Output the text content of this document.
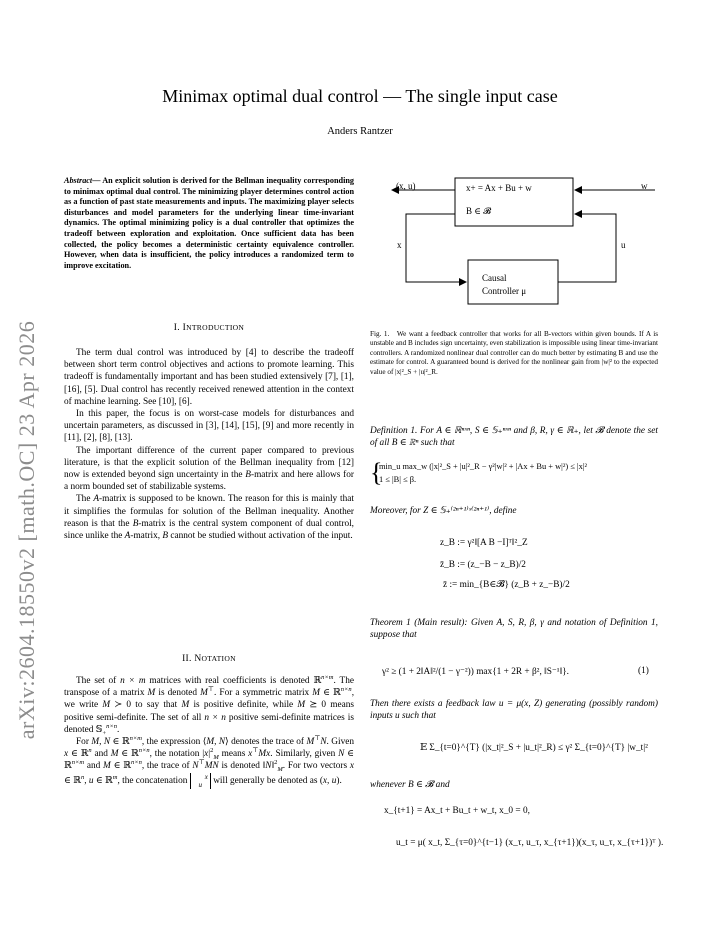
arXiv:2604.18550v2 [math.OC] 23 Apr 2026
Minimax optimal dual control — The single input case
Anders Rantzer
Abstract— An explicit solution is derived for the Bellman inequality corresponding to minimax optimal dual control. The minimizing player determines control action as a function of past state measurements and inputs. The maximizing player selects disturbances and model parameters for the underlying linear time-invariant dynamics. The optimal minimizing policy is a dual controller that optimizes the tradeoff between exploration and exploitation. Once sufficient data has been collected, the policy becomes a deterministic certainty equivalence controller. However, when data is insufficient, the policy introduces a randomized term to improve excitation.
I. INTRODUCTION

The term dual control was introduced by [4] to describe the tradeoff between short term control objectives and actions to promote learning. This tradeoff is fundamentally important and has been studied extensively [7], [1], [16], [5]. Dual control has recently received renewed attention in the context of machine learning. See [10], [6].

In this paper, the focus is on worst-case models for disturbances and uncertain parameters, as discussed in [3], [14], [15], [9] and more recently in [11], [2], [8], [13].

The important difference of the current paper compared to previous literature, is that the explicit solution of the Bellman inequality from [12] now is extended beyond sign uncertainty in the B-matrix and here allows for a norm bounded set of stabilizable systems.

The A-matrix is supposed to be known. The reason for this is mainly that it simplifies the formulas for solution of the Bellman inequality. Another reason is that the B-matrix is the central system component of dual control, since unlike the A-matrix, B cannot be studied without activation of the input.

II. NOTATION

The set of n × m matrices with real coefficients is denoted ℝ$^{n\times m}$. The transpose of a matrix M is denoted M⊤. For a symmetric matrix M ∈ ℝ$^{n\times n}$, we write M ≻ 0 to say that M is positive definite, while M ⪰ 0 means positive semi-definite. The set of all n × n positive semi-definite matrices is denoted 𝕊$_+^{n\times n}$.

For M, N ∈ ℝ$^{n\times m}$, the expression ⟨M, N⟩ denotes the trace of M⊤N. Given x ∈ ℝ$^n$ and M ∈ ℝ$^{n\times n}$, the notation $|x|^2_M$ means x⊤Mx. Similarly, given N ∈ ℝ$^{n\times m}$ and M ∈ ℝ$^{n\times n}$, the trace of N⊤MN is denoted ‖N‖$^2_M$. For two vectors x ∈ ℝ$^n$, u ∈ ℝ$^m$, the concatenation x
u will generally be denoted as (x, u).

(x, u)	w
x+ = Ax + Bu + w
B ∈ 𝓑
x	u
Causal
Controller μ
Fig. 1. We want a feedback controller that works for all B-vectors within given bounds. If A is unstable and B includes sign uncertainty, even stabilization is impossible using linear time-invariant controllers. A randomized nonlinear dual controller can do much better by estimating B and use the estimate for control. A guaranteed bound is derived for the nonlinear gain from |w|² to the expected value of |x|²_S + |u|²_R.
Definition 1. For A ∈ ℝⁿˣⁿ, S ∈ 𝕊₊ⁿˣⁿ and β, R, γ ∈ ℝ₊, let 𝓑 denote the set of all B ∈ ℝⁿ such that
{
min_u max_w (|x|²_S + |u|²_R − γ²|w|² + |Ax + Bu + w|²) ≤ |x|²
1 ≤ |B| ≤ β.
Moreover, for Z ∈ 𝕊₊⁽²ⁿ⁺¹⁾ˣ⁽²ⁿ⁺¹⁾, define
z_B := γ²‖[A B −I]ᵀ‖²_Z
z̄_B := (z_−B − z_B)/2
z̄ := min_{B∈𝓑} (z_B + z_−B)/2
Theorem 1 (Main result): Given A, S, R, β, γ and notation of Definition 1, suppose that
γ² ≥ (1 + 2‖A‖²/(1 − γ⁻²)) max{1 + 2R + β², ‖S⁻¹‖}.	(1)
Then there exists a feedback law u = μ(x, Z) generating (possibly random) inputs u such that
𝔼 Σ_{t=0}^{T} (|x_t|²_S + |u_t|²_R) ≤ γ² Σ_{t=0}^{T} |w_t|²
whenever B ∈ 𝓑 and
x_{t+1} = Ax_t + Bu_t + w_t, x_0 = 0,
u_t = μ( x_t, Σ_{τ=0}^{t−1} (x_τ, u_τ, x_{τ+1})(x_τ, u_τ, x_{τ+1})ᵀ ).
